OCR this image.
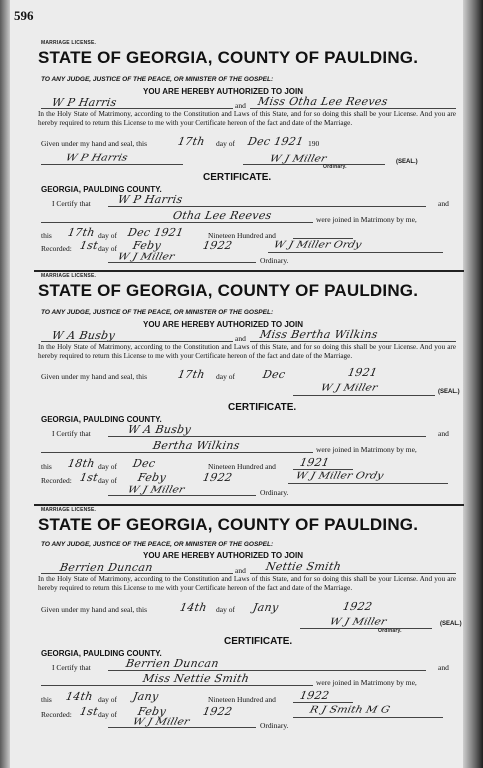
596
MARRIAGE LICENSE.
STATE OF GEORGIA, COUNTY OF PAULDING.
TO ANY JUDGE, JUSTICE OF THE PEACE, OR MINISTER OF THE GOSPEL:
YOU ARE HEREBY AUTHORIZED TO JOIN
W P Harris	and Miss Otha Lee Reeves
In the Holy State of Matrimony, according to the Constitution and Laws of this State, and for so doing this shall be your License. And you are hereby required to return this License to me with your Certificate hereon of the fact and date of the Marriage.
Given under my hand and seal, this	17th day of Dec 1921 190
W P Harris	W J Miller
Ordinary.
(SEAL.)
CERTIFICATE.
GEORGIA, PAULDING COUNTY.
I Certify that W P Harris	and
Otha Lee Reeves	were joined in Matrimony by me,
this 17th day of Dec 1921	Nineteen Hundred and
Recorded: 1st
day of Feby	1922	W J Miller Ordy
W J Miller	Ordinary.
MARRIAGE LICENSE.
STATE OF GEORGIA, COUNTY OF PAULDING.
TO ANY JUDGE, JUSTICE OF THE PEACE, OR MINISTER OF THE GOSPEL:
YOU ARE HEREBY AUTHORIZED TO JOIN
W A Busby	and Miss Bertha Wilkins
In the Holy State of Matrimony, according to the Constitution and Laws of this State, and for so doing this shall be your License. And you are hereby required to return this License to me with your Certificate hereon of the fact and date of the Marriage.
Given under my hand and seal, this	17th day of Dec	1921
W J Miller	(SEAL.)
CERTIFICATE.
GEORGIA, PAULDING COUNTY.
I Certify that	W A Busby	and
Bertha Wilkins	were joined in Matrimony by me,
this 18th day of Dec	Nineteen Hundred and 1921
Recorded: 1st
day of Feby	1922	W J Miller Ordy
W J Miller	Ordinary.
MARRIAGE LICENSE.
STATE OF GEORGIA, COUNTY OF PAULDING.
TO ANY JUDGE, JUSTICE OF THE PEACE, OR MINISTER OF THE GOSPEL:
YOU ARE HEREBY AUTHORIZED TO JOIN
Berrien Duncan	and Nettie Smith
In the Holy State of Matrimony, according to the Constitution and Laws of this State, and for so doing this shall be your License. And you are hereby required to return this License to me with your Certificate hereon of the fact and date of the Marriage.
Given under my hand and seal, this	14th day of Jany	1922
W J Miller
Ordinary.
(SEAL.)
CERTIFICATE.
GEORGIA, PAULDING COUNTY.
I Certify that	Berrien Duncan	and
Miss Nettie Smith	were joined in Matrimony by me,
this 14th day of Jany	Nineteen Hundred and 1922
Recorded: 1st
day of Feby	1922	R J Smith M G
W J Miller	Ordinary.
